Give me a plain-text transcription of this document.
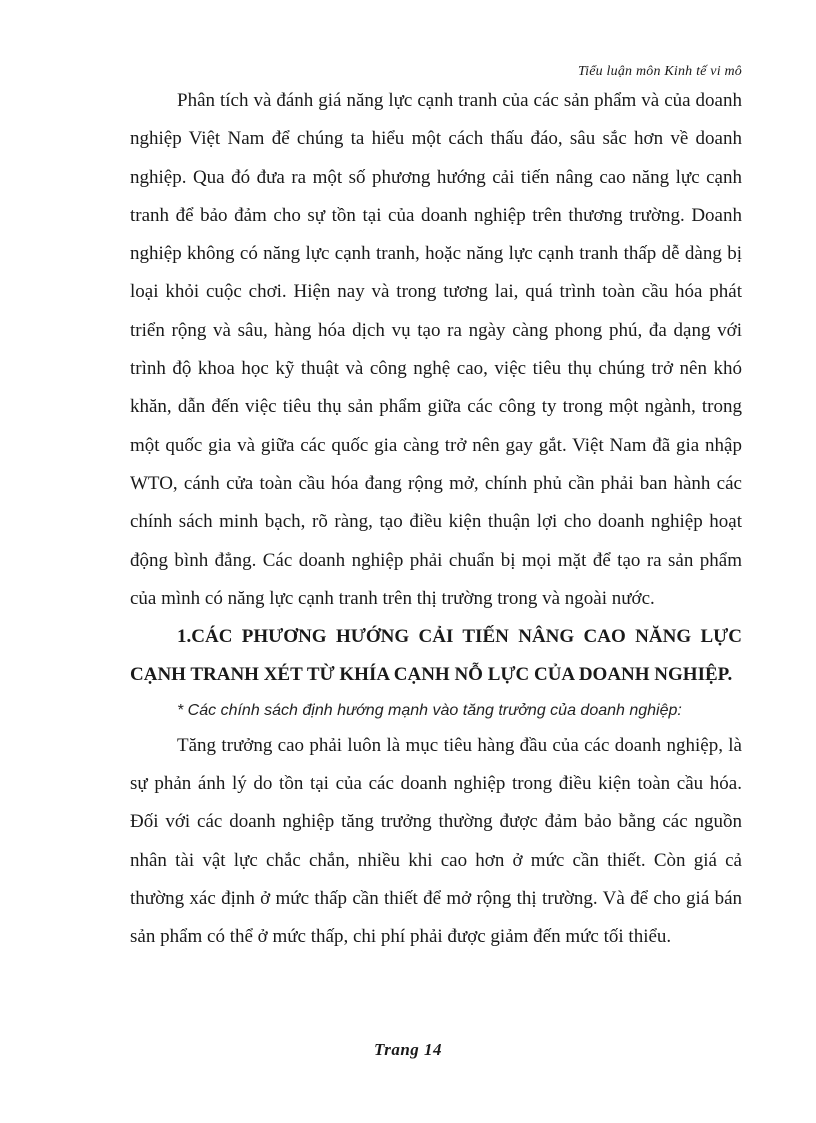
Tiểu luận môn Kinh tế vi mô

Phân tích và đánh giá năng lực cạnh tranh của các sản phẩm và của doanh nghiệp Việt Nam để chúng ta hiểu một cách thấu đáo, sâu sắc hơn về doanh nghiệp. Qua đó đưa ra một số phương hướng cải tiến nâng cao năng lực cạnh tranh để bảo đảm cho sự tồn tại của doanh nghiệp trên thương trường. Doanh nghiệp không có năng lực cạnh tranh, hoặc năng lực cạnh tranh thấp dễ dàng bị loại khỏi cuộc chơi. Hiện nay và trong tương lai, quá trình toàn cầu hóa phát triển rộng và sâu, hàng hóa dịch vụ tạo ra ngày càng phong phú, đa dạng với trình độ khoa học kỹ thuật và công nghệ cao, việc tiêu thụ chúng trở nên khó khăn, dẫn đến việc tiêu thụ sản phẩm giữa các công ty trong một ngành, trong một quốc gia và giữa các quốc gia càng trở nên gay gắt. Việt Nam đã gia nhập WTO, cánh cửa toàn cầu hóa đang rộng mở, chính phủ cần phải ban hành các chính sách minh bạch, rõ ràng, tạo điều kiện thuận lợi cho doanh nghiệp hoạt động bình đẳng. Các doanh nghiệp phải chuẩn bị mọi mặt để tạo ra sản phẩm của mình có năng lực cạnh tranh trên thị trường trong và ngoài nước.

1.CÁC PHƯƠNG HƯỚNG CẢI TIẾN NÂNG CAO NĂNG LỰC CẠNH TRANH XÉT TỪ KHÍA CẠNH NỖ LỰC CỦA DOANH NGHIỆP.

* Các chính sách định hướng mạnh vào tăng trưởng của doanh nghiệp:

Tăng trưởng cao phải luôn là mục tiêu hàng đầu của các doanh nghiệp, là sự phản ánh lý do tồn tại của các doanh nghiệp trong điều kiện toàn cầu hóa. Đối với các doanh nghiệp tăng trưởng thường được đảm bảo bằng các nguồn nhân tài vật lực chắc chắn, nhiều khi cao hơn ở mức cần thiết. Còn giá cả thường xác định ở mức thấp cần thiết để mở rộng thị trường. Và để cho giá bán sản phẩm có thể ở mức thấp, chi phí phải được giảm đến mức tối thiểu.

Trang 14
